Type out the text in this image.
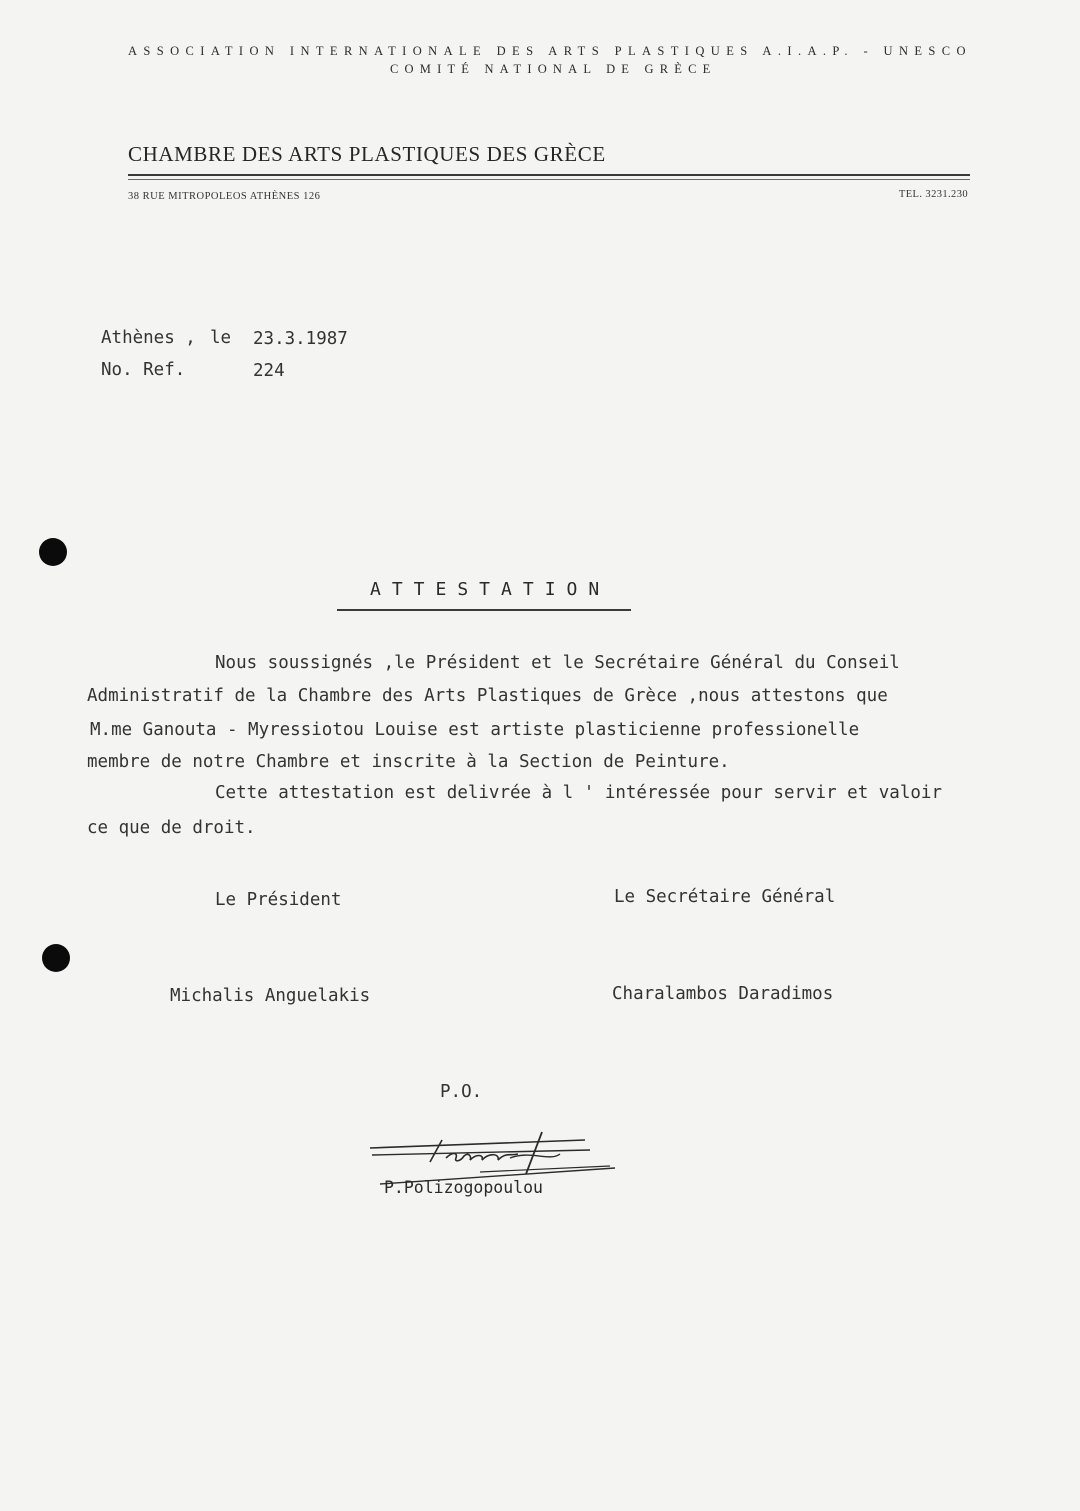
ASSOCIATION INTERNATIONALE DES ARTS PLASTIQUES A.I.A.P. - UNESCO
COMITÉ NATIONAL DE GRÈCE
CHAMBRE DES ARTS PLASTIQUES DES GRÈCE
38 RUE MITROPOLEOS ATHÈNES 126	TEL. 3231.230
Athènes , le 23.3.1987
No. Ref.	224
ATTESTATION
Nous soussignés ,le Président et le Secrétaire Général du Conseil
Administratif de la Chambre des Arts Plastiques de Grèce ,nous attestons que
M.me Ganouta - Myressiotou Louise est artiste plasticienne professionelle
membre de notre Chambre et inscrite à la Section de Peinture.
Cette attestation est delivrée à l ' intéressée pour servir et valoir
ce que de droit.
Le Président	Le Secrétaire Général
Michalis Anguelakis	Charalambos Daradimos
P.O.
P.Polizogopoulou
